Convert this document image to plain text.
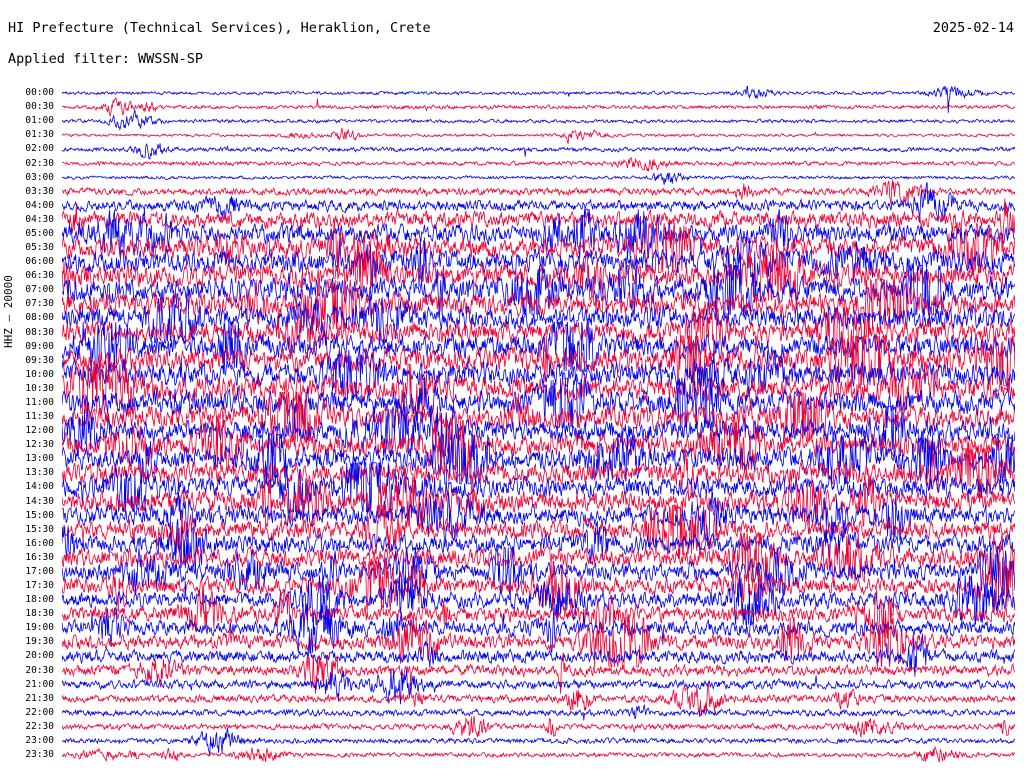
HI Prefecture (Technical Services), Heraklion, Crete	2025-02-14
Applied filter: WWSSN-SP
HHZ — 20000
00:00
00:30
01:00
01:30
02:00
02:30
03:00
03:30
04:00
04:30
05:00
05:30
06:00
06:30
07:00
07:30
08:00
08:30
09:00
09:30
10:00
10:30
11:00
11:30
12:00
12:30
13:00
13:30
14:00
14:30
15:00
15:30
16:00
16:30
17:00
17:30
18:00
18:30
19:00
19:30
20:00
20:30
21:00
21:30
22:00
22:30
23:00
23:30
